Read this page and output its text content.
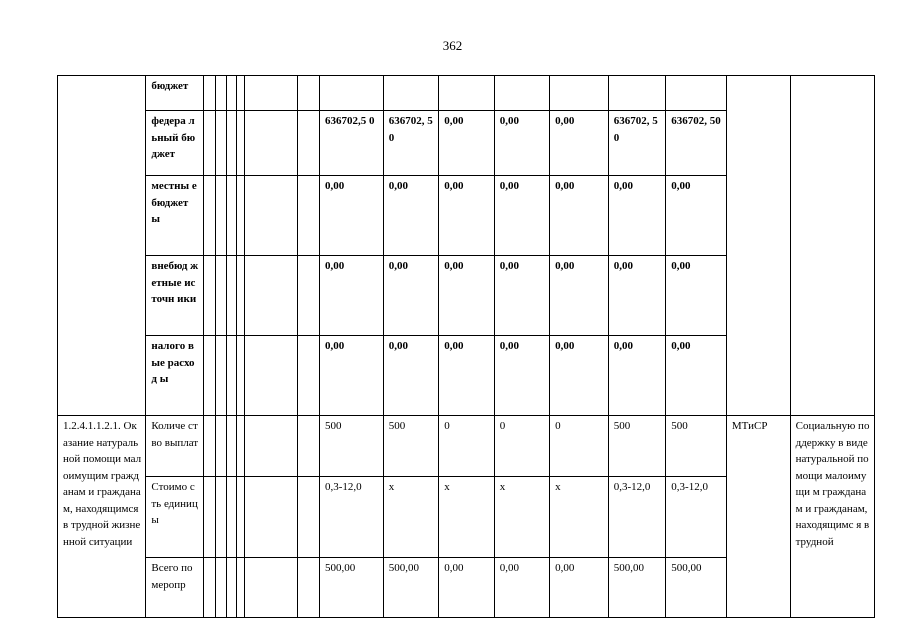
362
	бюджет															
	федера льный бюджет							636702,5 0	636702, 50	0,00	0,00	0,00	636702, 50	636702, 50		
	местны е бюджет ы							0,00	0,00	0,00	0,00	0,00	0,00	0,00		
	внебюд жетные источн ики							0,00	0,00	0,00	0,00	0,00	0,00	0,00		
	налого вые расход ы							0,00	0,00	0,00	0,00	0,00	0,00	0,00		
1.2.4.1.1.2.1. Оказание натуральной помощи малоимущим гражданам и гражданам, находящимся в трудной жизненной ситуации	Количе ство выплат							500	500	0	0	0	500	500	МТиСР	Социальную поддержку в виде натуральной помощи малоимущи м гражданам и гражданам, находящимс я в трудной
	Стоимо сть единиц ы							0,3-12,0	х	х	х	х	0,3-12,0	0,3-12,0		
	Всего по меропр							500,00	500,00	0,00	0,00	0,00	500,00	500,00		
